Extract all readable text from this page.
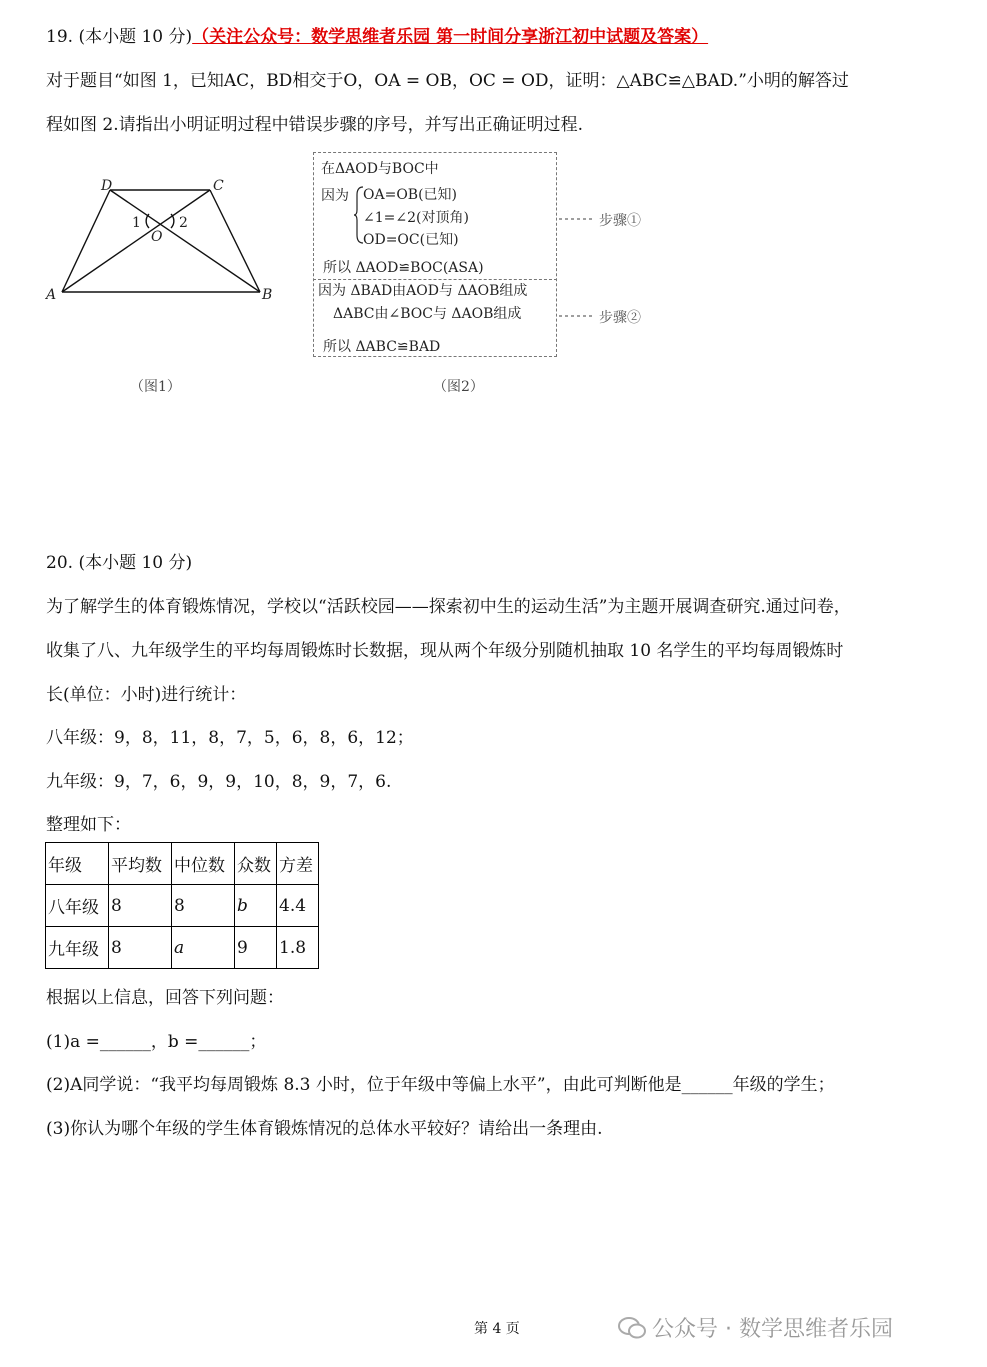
19. (本小题 10 分)（关注公众号：数学思维者乐园 第一时间分享浙江初中试题及答案）
对于题目“如图 1，已知AC，BD相交于O，OA = OB，OC = OD，证明：△ABC≌△BAD.”小明的解答过
程如图 2.请指出小明证明过程中错误步骤的序号，并写出正确证明过程.
D	C
A	B
O
1	2
（图1）
在ΔAOD与BOC中
因为 OA=OB(已知)
∠1=∠2(对顶角)
OD=OC(已知)
所以 ΔAOD≌BOC(ASA)
因为 ΔBAD由AOD与 ΔAOB组成
ΔABC由∠BOC与 ΔAOB组成
所以 ΔABC≌BAD
步骤①
步骤②
（图2）
20. (本小题 10 分)
为了解学生的体育锻炼情况，学校以“活跃校园——探索初中生的运动生活”为主题开展调查研究.通过问卷，
收集了八、九年级学生的平均每周锻炼时长数据，现从两个年级分别随机抽取 10 名学生的平均每周锻炼时
长(单位：小时)进行统计：
八年级：9，8，11，8，7，5，6，8，6，12；
九年级：9，7，6，9，9，10，8，9，7，6.
整理如下：
年级	平均数	中位数	众数	方差
八年级	8	8	b	4.4
九年级	8	a	9	1.8
根据以上信息，回答下列问题：
(1)a =______，b =______；
(2)A同学说：“我平均每周锻炼 8.3 小时，位于年级中等偏上水平”，由此可判断他是______年级的学生；
(3)你认为哪个年级的学生体育锻炼情况的总体水平较好？请给出一条理由.
第 4 页	公众号 · 数学思维者乐园
